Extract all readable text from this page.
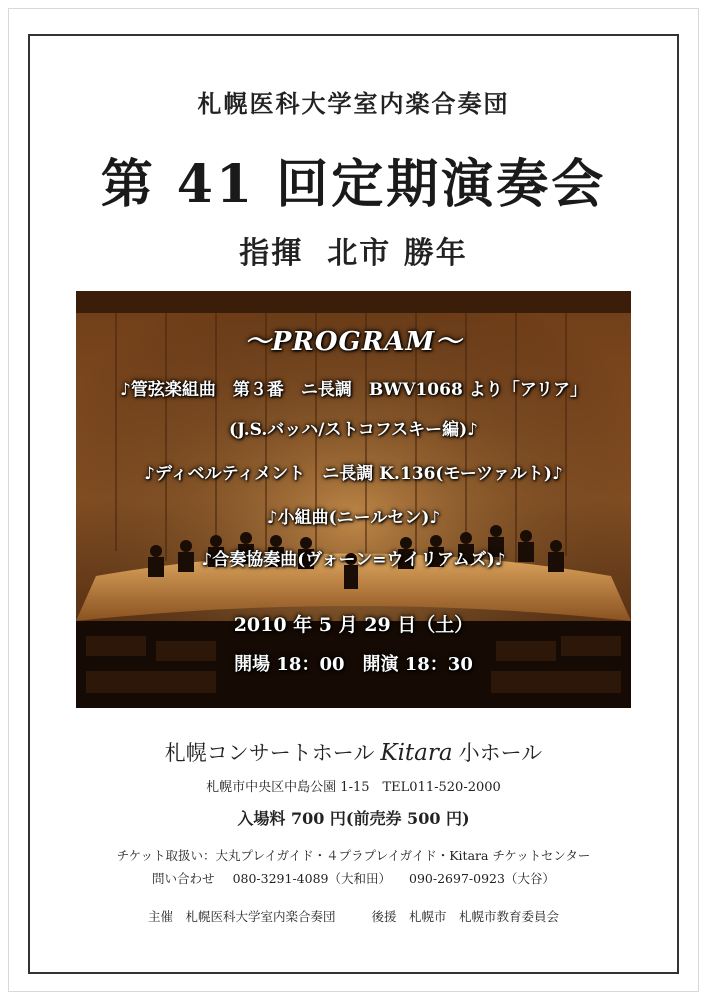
札幌医科大学室内楽合奏団
第 41 回定期演奏会
指揮 北市 勝年
～PROGRAM～
♪管弦楽組曲　第３番　ニ長調　BWV1068 より「アリア」
(J.S.バッハ/ストコフスキー編)♪
♪ディベルティメント　ニ長調 K.136(モーツァルト)♪
♪小組曲(ニールセン)♪
♪合奏協奏曲(ヴォーン=ウイリアムズ)♪
2010 年 5 月 29 日（土）
開場 18：00　開演 18：30
札幌コンサートホール Kitara 小ホール
札幌市中央区中島公園 1-15　TEL011-520-2000
入場料 700 円(前売券 500 円)
チケット取扱い：大丸プレイガイド・４プラプレイガイド・Kitara チケットセンター
問い合わせ 080-3291-4089（大和田） 090-2697-0923（大谷）
主催　札幌医科大学室内楽合奏団	後援　札幌市　札幌市教育委員会
